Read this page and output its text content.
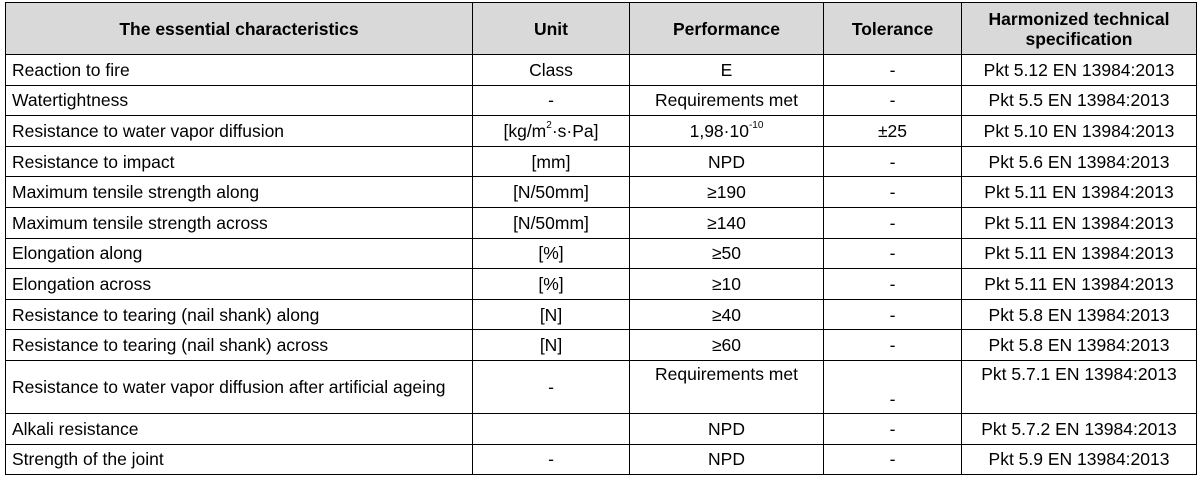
The essential characteristics	Unit	Performance	Tolerance	Harmonized technical specification
Reaction to fire	Class	E	-	Pkt 5.12 EN 13984:2013
Watertightness	-	Requirements met	-	Pkt 5.5 EN 13984:2013
Resistance to water vapor diffusion	$[kg/m^2\cdot s\cdot Pa]$	$1,98\cdot 10^{-10}$	±25	Pkt 5.10 EN 13984:2013
Resistance to impact	[mm]	NPD	-	Pkt 5.6 EN 13984:2013
Maximum tensile strength along	[N/50mm]	≥190	-	Pkt 5.11 EN 13984:2013
Maximum tensile strength across	[N/50mm]	≥140	-	Pkt 5.11 EN 13984:2013
Elongation along	[%]	≥50	-	Pkt 5.11 EN 13984:2013
Elongation across	[%]	≥10	-	Pkt 5.11 EN 13984:2013
Resistance to tearing (nail shank) along	[N]	≥40	-	Pkt 5.8 EN 13984:2013
Resistance to tearing (nail shank) across	[N]	≥60	-	Pkt 5.8 EN 13984:2013
Resistance to water vapor diffusion after artificial ageing	-	Requirements met	-	Pkt 5.7.1 EN 13984:2013
Alkali resistance		NPD	-	Pkt 5.7.2 EN 13984:2013
Strength of the joint	-	NPD	-	Pkt 5.9 EN 13984:2013
